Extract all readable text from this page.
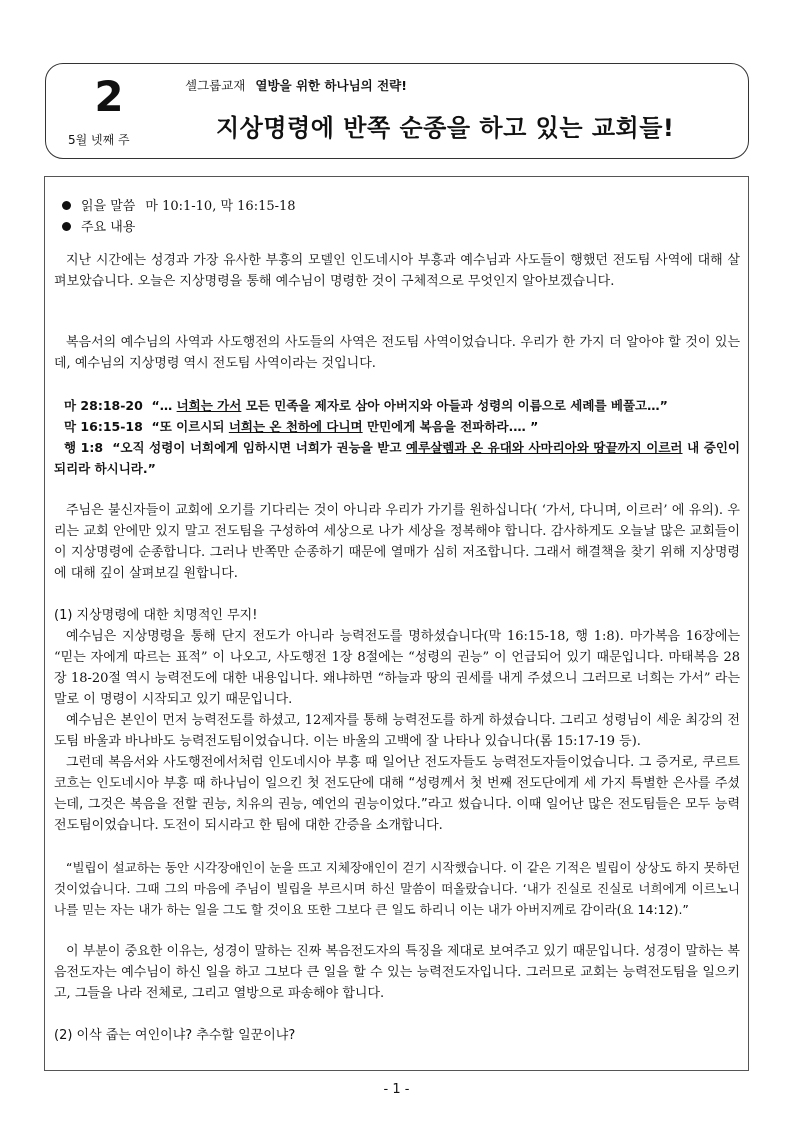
2
5월 넷째 주
셀그룹교재 열방을 위한 하나님의 전략!
지상명령에 반쪽 순종을 하고 있는 교회들!
읽을 말씀 마 10:1-10, 막 16:15-18
주요 내용

지난 시간에는 성경과 가장 유사한 부흥의 모델인 인도네시아 부흥과 예수님과 사도들이 행했던 전도팀 사역에 대해 살펴보았습니다. 오늘은 지상명령을 통해 예수님이 명령한 것이 구체적으로 무엇인지 알아보겠습니다.

복음서의 예수님의 사역과 사도행전의 사도들의 사역은 전도팀 사역이었습니다. 우리가 한 가지 더 알아야 할 것이 있는데, 예수님의 지상명령 역시 전도팀 사역이라는 것입니다.

마 28:18-20 “… 너희는 가서 모든 민족을 제자로 삼아 아버지와 아들과 성령의 이름으로 세례를 베풀고…”

막 16:15-18 “또 이르시되 너희는 온 천하에 다니며 만민에게 복음을 전파하라.… ”

행 1:8 “오직 성령이 너희에게 임하시면 너희가 권능을 받고 예루살렘과 온 유대와 사마리아와 땅끝까지 이르러 내 증인이 되리라 하시니라.”

주님은 불신자들이 교회에 오기를 기다리는 것이 아니라 우리가 가기를 원하십니다( ‘가서, 다니며, 이르러’ 에 유의). 우리는 교회 안에만 있지 말고 전도팀을 구성하여 세상으로 나가 세상을 정복해야 합니다. 감사하게도 오늘날 많은 교회들이 이 지상명령에 순종합니다. 그러나 반쪽만 순종하기 때문에 열매가 심히 저조합니다. 그래서 해결책을 찾기 위해 지상명령에 대해 깊이 살펴보길 원합니다.

(1) 지상명령에 대한 치명적인 무지!

예수님은 지상명령을 통해 단지 전도가 아니라 능력전도를 명하셨습니다(막 16:15-18, 행 1:8). 마가복음 16장에는 “믿는 자에게 따르는 표적” 이 나오고, 사도행전 1장 8절에는 “성령의 권능” 이 언급되어 있기 때문입니다. 마태복음 28장 18-20절 역시 능력전도에 대한 내용입니다. 왜냐하면 “하늘과 땅의 권세를 내게 주셨으니 그러므로 너희는 가서” 라는 말로 이 명령이 시작되고 있기 때문입니다.

예수님은 본인이 먼저 능력전도를 하셨고, 12제자를 통해 능력전도를 하게 하셨습니다. 그리고 성령님이 세운 최강의 전도팀 바울과 바나바도 능력전도팀이었습니다. 이는 바울의 고백에 잘 나타나 있습니다(롬 15:17-19 등).

그런데 복음서와 사도행전에서처럼 인도네시아 부흥 때 일어난 전도자들도 능력전도자들이었습니다. 그 증거로, 쿠르트 코흐는 인도네시아 부흥 때 하나님이 일으킨 첫 전도단에 대해 “성령께서 첫 번째 전도단에게 세 가지 특별한 은사를 주셨는데, 그것은 복음을 전할 권능, 치유의 권능, 예언의 권능이었다.”라고 썼습니다. 이때 일어난 많은 전도팀들은 모두 능력전도팀이었습니다. 도전이 되시라고 한 팀에 대한 간증을 소개합니다.

“빌립이 설교하는 동안 시각장애인이 눈을 뜨고 지체장애인이 걷기 시작했습니다. 이 같은 기적은 빌립이 상상도 하지 못하던 것이었습니다. 그때 그의 마음에 주님이 빌립을 부르시며 하신 말씀이 떠올랐습니다. ‘내가 진실로 진실로 너희에게 이르노니 나를 믿는 자는 내가 하는 일을 그도 할 것이요 또한 그보다 큰 일도 하리니 이는 내가 아버지께로 감이라(요 14:12).”

이 부분이 중요한 이유는, 성경이 말하는 진짜 복음전도자의 특징을 제대로 보여주고 있기 때문입니다. 성경이 말하는 복음전도자는 예수님이 하신 일을 하고 그보다 큰 일을 할 수 있는 능력전도자입니다. 그러므로 교회는 능력전도팀을 일으키고, 그들을 나라 전체로, 그리고 열방으로 파송해야 합니다.

(2) 이삭 줍는 여인이냐? 추수할 일꾼이냐?

- 1 -
